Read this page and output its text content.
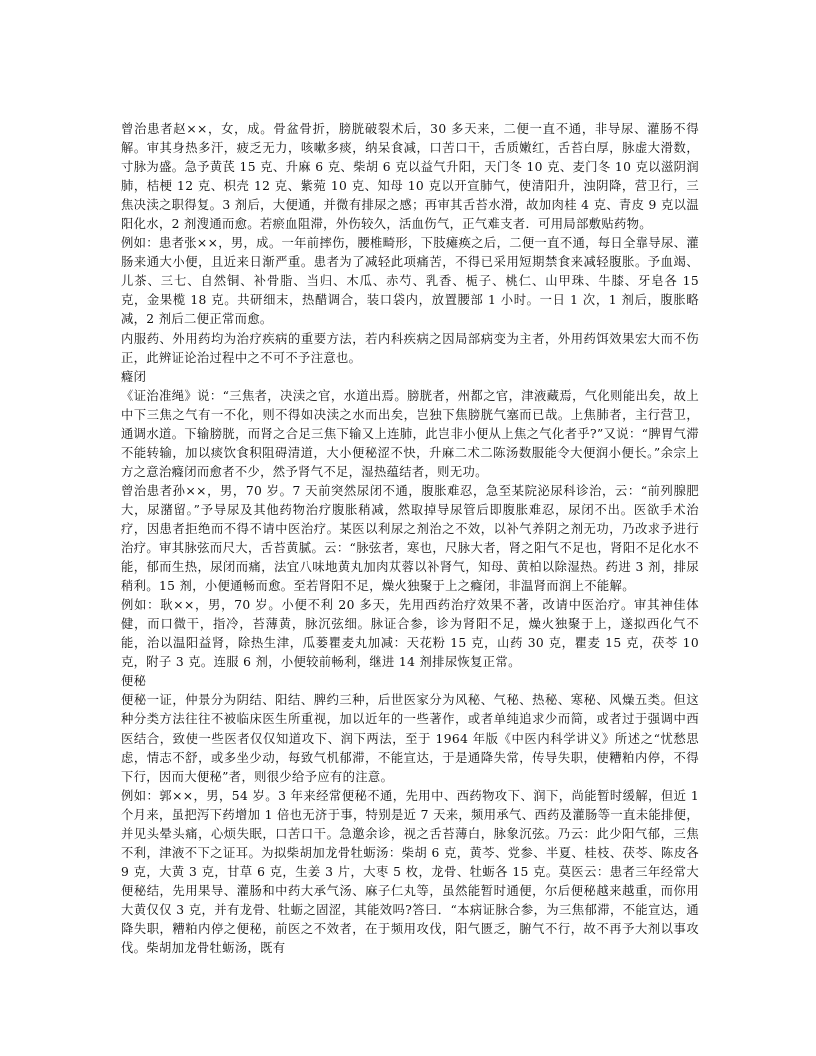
曾治患者赵××，女，成。骨盆骨折，膀胱破裂术后，30 多天来，二便一直不通，非导尿、灌肠不得解。审其身热多汗，疲乏无力，咳嗽多痰，纳呆食减，口苦口干，舌质嫩红，舌苔白厚，脉虚大滑数，寸脉为盛。急予黄芪 15 克、升麻 6 克、柴胡 6 克以益气升阳，天门冬 10 克、麦门冬 10 克以滋阴润肺，桔梗 12 克、枳壳 12 克、紫菀 10 克、知母 10 克以开宣肺气，使清阳升，浊阴降，营卫行，三焦决渎之职得复。3 剂后，大便通，并微有排尿之感；再审其舌苔水滑，故加肉桂 4 克、青皮 9 克以温阳化水，2 剂溲通而愈。若瘀血阻滞，外伤较久，活血伤气，正气难支者．可用局部敷贴药物。

例如：患者张××，男，成。一年前摔伤，腰椎畸形，下肢瘫痪之后，二便一直不通，每日全靠导尿、灌肠来通大小便，且近来日渐严重。患者为了减轻此项痛苦，不得已采用短期禁食来减轻腹胀。予血竭、儿茶、三七、自然铜、补骨脂、当归、木瓜、赤芍、乳香、栀子、桃仁、山甲珠、牛膝、牙皂各 15 克，金果榄 18 克。共研细末，热醋调合，装口袋内，放置腰部 1 小时。一日 1 次，1 剂后，腹胀略减，2 剂后二便正常而愈。

内服药、外用药均为治疗疾病的重要方法，若内科疾病之因局部病变为主者，外用药饵效果宏大而不伤正，此辨证论治过程中之不可不予注意也。

癃闭

《证治准绳》说：“三焦者，决渎之官，水道出焉。膀胱者，州都之官，津液藏焉，气化则能出矣，故上中下三焦之气有一不化，则不得如决渎之水而出矣，岂独下焦膀胱气塞而已哉。上焦肺者，主行营卫，通调水道。下输膀胱，而肾之合足三焦下输又上连肺，此岂非小便从上焦之气化者乎?”又说：“脾胃气滞不能转输，加以痰饮食积阻碍清道，大小便秘涩不快，升麻二术二陈汤数服能令大便润小便长。”余宗上方之意治癃闭而愈者不少，然予肾气不足，湿热蕴结者，则无功。

曾治患者孙××，男，70 岁。7 天前突然尿闭不通，腹胀难忍，急至某院泌尿科诊治，云：“前列腺肥大，尿潴留。”予导尿及其他药物治疗腹胀稍减，然取掉导尿管后即腹胀难忍，尿闭不出。医欲手术治疗，因患者拒绝而不得不请中医治疗。某医以利尿之剂治之不效，以补气养阴之剂无功，乃改求予进行治疗。审其脉弦而尺大，舌苔黄腻。云：“脉弦者，寒也，尺脉大者，肾之阳气不足也，肾阳不足化水不能，郁而生热，尿闭而痛，法宜八味地黄丸加肉苁蓉以补肾气，知母、黄柏以除湿热。药进 3 剂，排尿稍利。15 剂，小便通畅而愈。至若肾阳不足，燥火独聚于上之癃闭，非温肾而润上不能解。

例如：耿××，男，70 岁。小便不利 20 多天，先用西药治疗效果不著，改请中医治疗。审其神佳体健，而口微干，指冷，苔薄黄，脉沉弦细。脉证合参，诊为肾阳不足，燥火独聚于上，遂拟西化气不能，治以温阳益肾，除热生津，瓜蒌瞿麦丸加减：天花粉 15 克，山药 30 克，瞿麦 15 克，茯苓 10 克，附子 3 克。连服 6 剂，小便较前畅利，继进 14 剂排尿恢复正常。

便秘

便秘一证，仲景分为阴结、阳结、脾约三种，后世医家分为风秘、气秘、热秘、寒秘、风燥五类。但这种分类方法往往不被临床医生所重视，加以近年的一些著作，或者单纯追求少而简，或者过于强调中西医结合，致使一些医者仅仅知道攻下、润下两法，至于 1964 年版《中医内科学讲义》所述之“忧愁思虑，情志不舒，或多坐少动，每致气机郁滞，不能宣达，于是通降失常，传导失职，使糟粕内停，不得下行，因而大便秘”者，则很少给予应有的注意。

例如：郭××，男，54 岁。3 年来经常便秘不通，先用中、西药物攻下、润下，尚能暂时缓解，但近 1 个月来，虽把泻下药增加 1 倍也无济于事，特别是近 7 天来，频用承气、西药及灌肠等一直未能排便，并见头晕头痛，心烦失眠，口苦口干。急邀余诊，视之舌苔薄白，脉象沉弦。乃云：此少阳气郁，三焦不利，津液不下之证耳。为拟柴胡加龙骨牡蛎汤：柴胡 6 克，黄芩、党参、半夏、桂枝、茯苓、陈皮各 9 克，大黄 3 克，甘草 6 克，生姜 3 片，大枣 5 枚，龙骨、牡蛎各 15 克。莫医云：患者三年经常大便秘结，先用果导、灌肠和中药大承气汤、麻子仁丸等，虽然能暂时通便，尔后便秘越来越重，而你用大黄仅仅 3 克，并有龙骨、牡蛎之固涩，其能效吗?答曰．“本病证脉合参，为三焦郁滞，不能宣达，通降失职，糟粕内停之便秘，前医之不效者，在于频用攻伐，阳气匮乏，腑气不行，故不再予大剂以事攻伐。柴胡加龙骨牡蛎汤，既有
